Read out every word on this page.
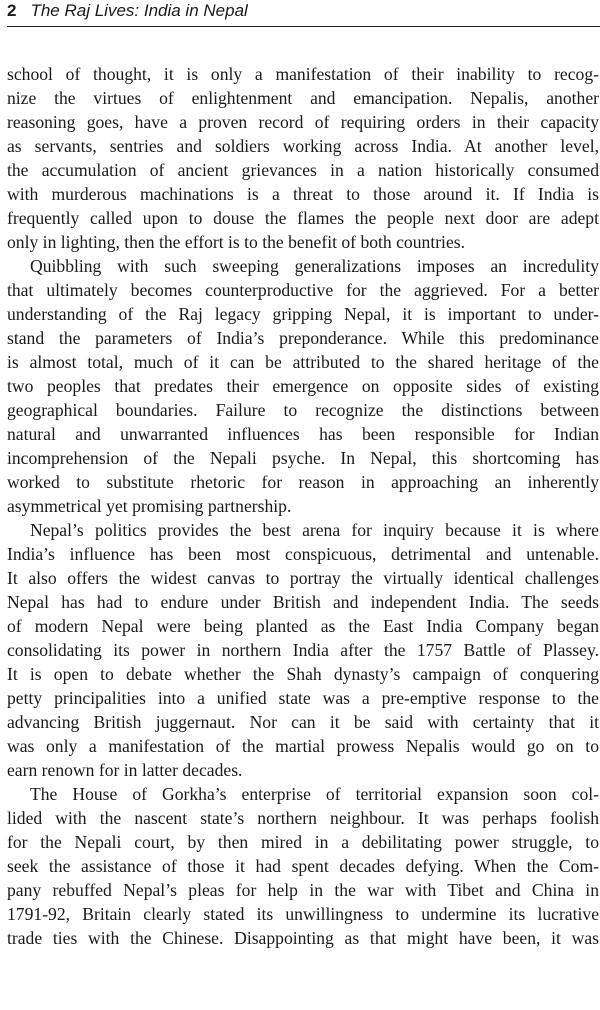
2 The Raj Lives: India in Nepal
school of thought, it is only a manifestation of their inability to recog-
nize the virtues of enlightenment and emancipation. Nepalis, another
reasoning goes, have a proven record of requiring orders in their capacity
as servants, sentries and soldiers working across India. At another level,
the accumulation of ancient grievances in a nation historically consumed
with murderous machinations is a threat to those around it. If India is
frequently called upon to douse the flames the people next door are adept
only in lighting, then the effort is to the benefit of both countries.
Quibbling with such sweeping generalizations imposes an incredulity
that ultimately becomes counterproductive for the aggrieved. For a better
understanding of the Raj legacy gripping Nepal, it is important to under-
stand the parameters of India’s preponderance. While this predominance
is almost total, much of it can be attributed to the shared heritage of the
two peoples that predates their emergence on opposite sides of existing
geographical boundaries. Failure to recognize the distinctions between
natural and unwarranted influences has been responsible for Indian
incomprehension of the Nepali psyche. In Nepal, this shortcoming has
worked to substitute rhetoric for reason in approaching an inherently
asymmetrical yet promising partnership.
Nepal’s politics provides the best arena for inquiry because it is where
India’s influence has been most conspicuous, detrimental and untenable.
It also offers the widest canvas to portray the virtually identical challenges
Nepal has had to endure under British and independent India. The seeds
of modern Nepal were being planted as the East India Company began
consolidating its power in northern India after the 1757 Battle of Plassey.
It is open to debate whether the Shah dynasty’s campaign of conquering
petty principalities into a unified state was a pre-emptive response to the
advancing British juggernaut. Nor can it be said with certainty that it
was only a manifestation of the martial prowess Nepalis would go on to
earn renown for in latter decades.
The House of Gorkha’s enterprise of territorial expansion soon col-
lided with the nascent state’s northern neighbour. It was perhaps foolish
for the Nepali court, by then mired in a debilitating power struggle, to
seek the assistance of those it had spent decades defying. When the Com-
pany rebuffed Nepal’s pleas for help in the war with Tibet and China in
1791-92, Britain clearly stated its unwillingness to undermine its lucrative
trade ties with the Chinese. Disappointing as that might have been, it was
